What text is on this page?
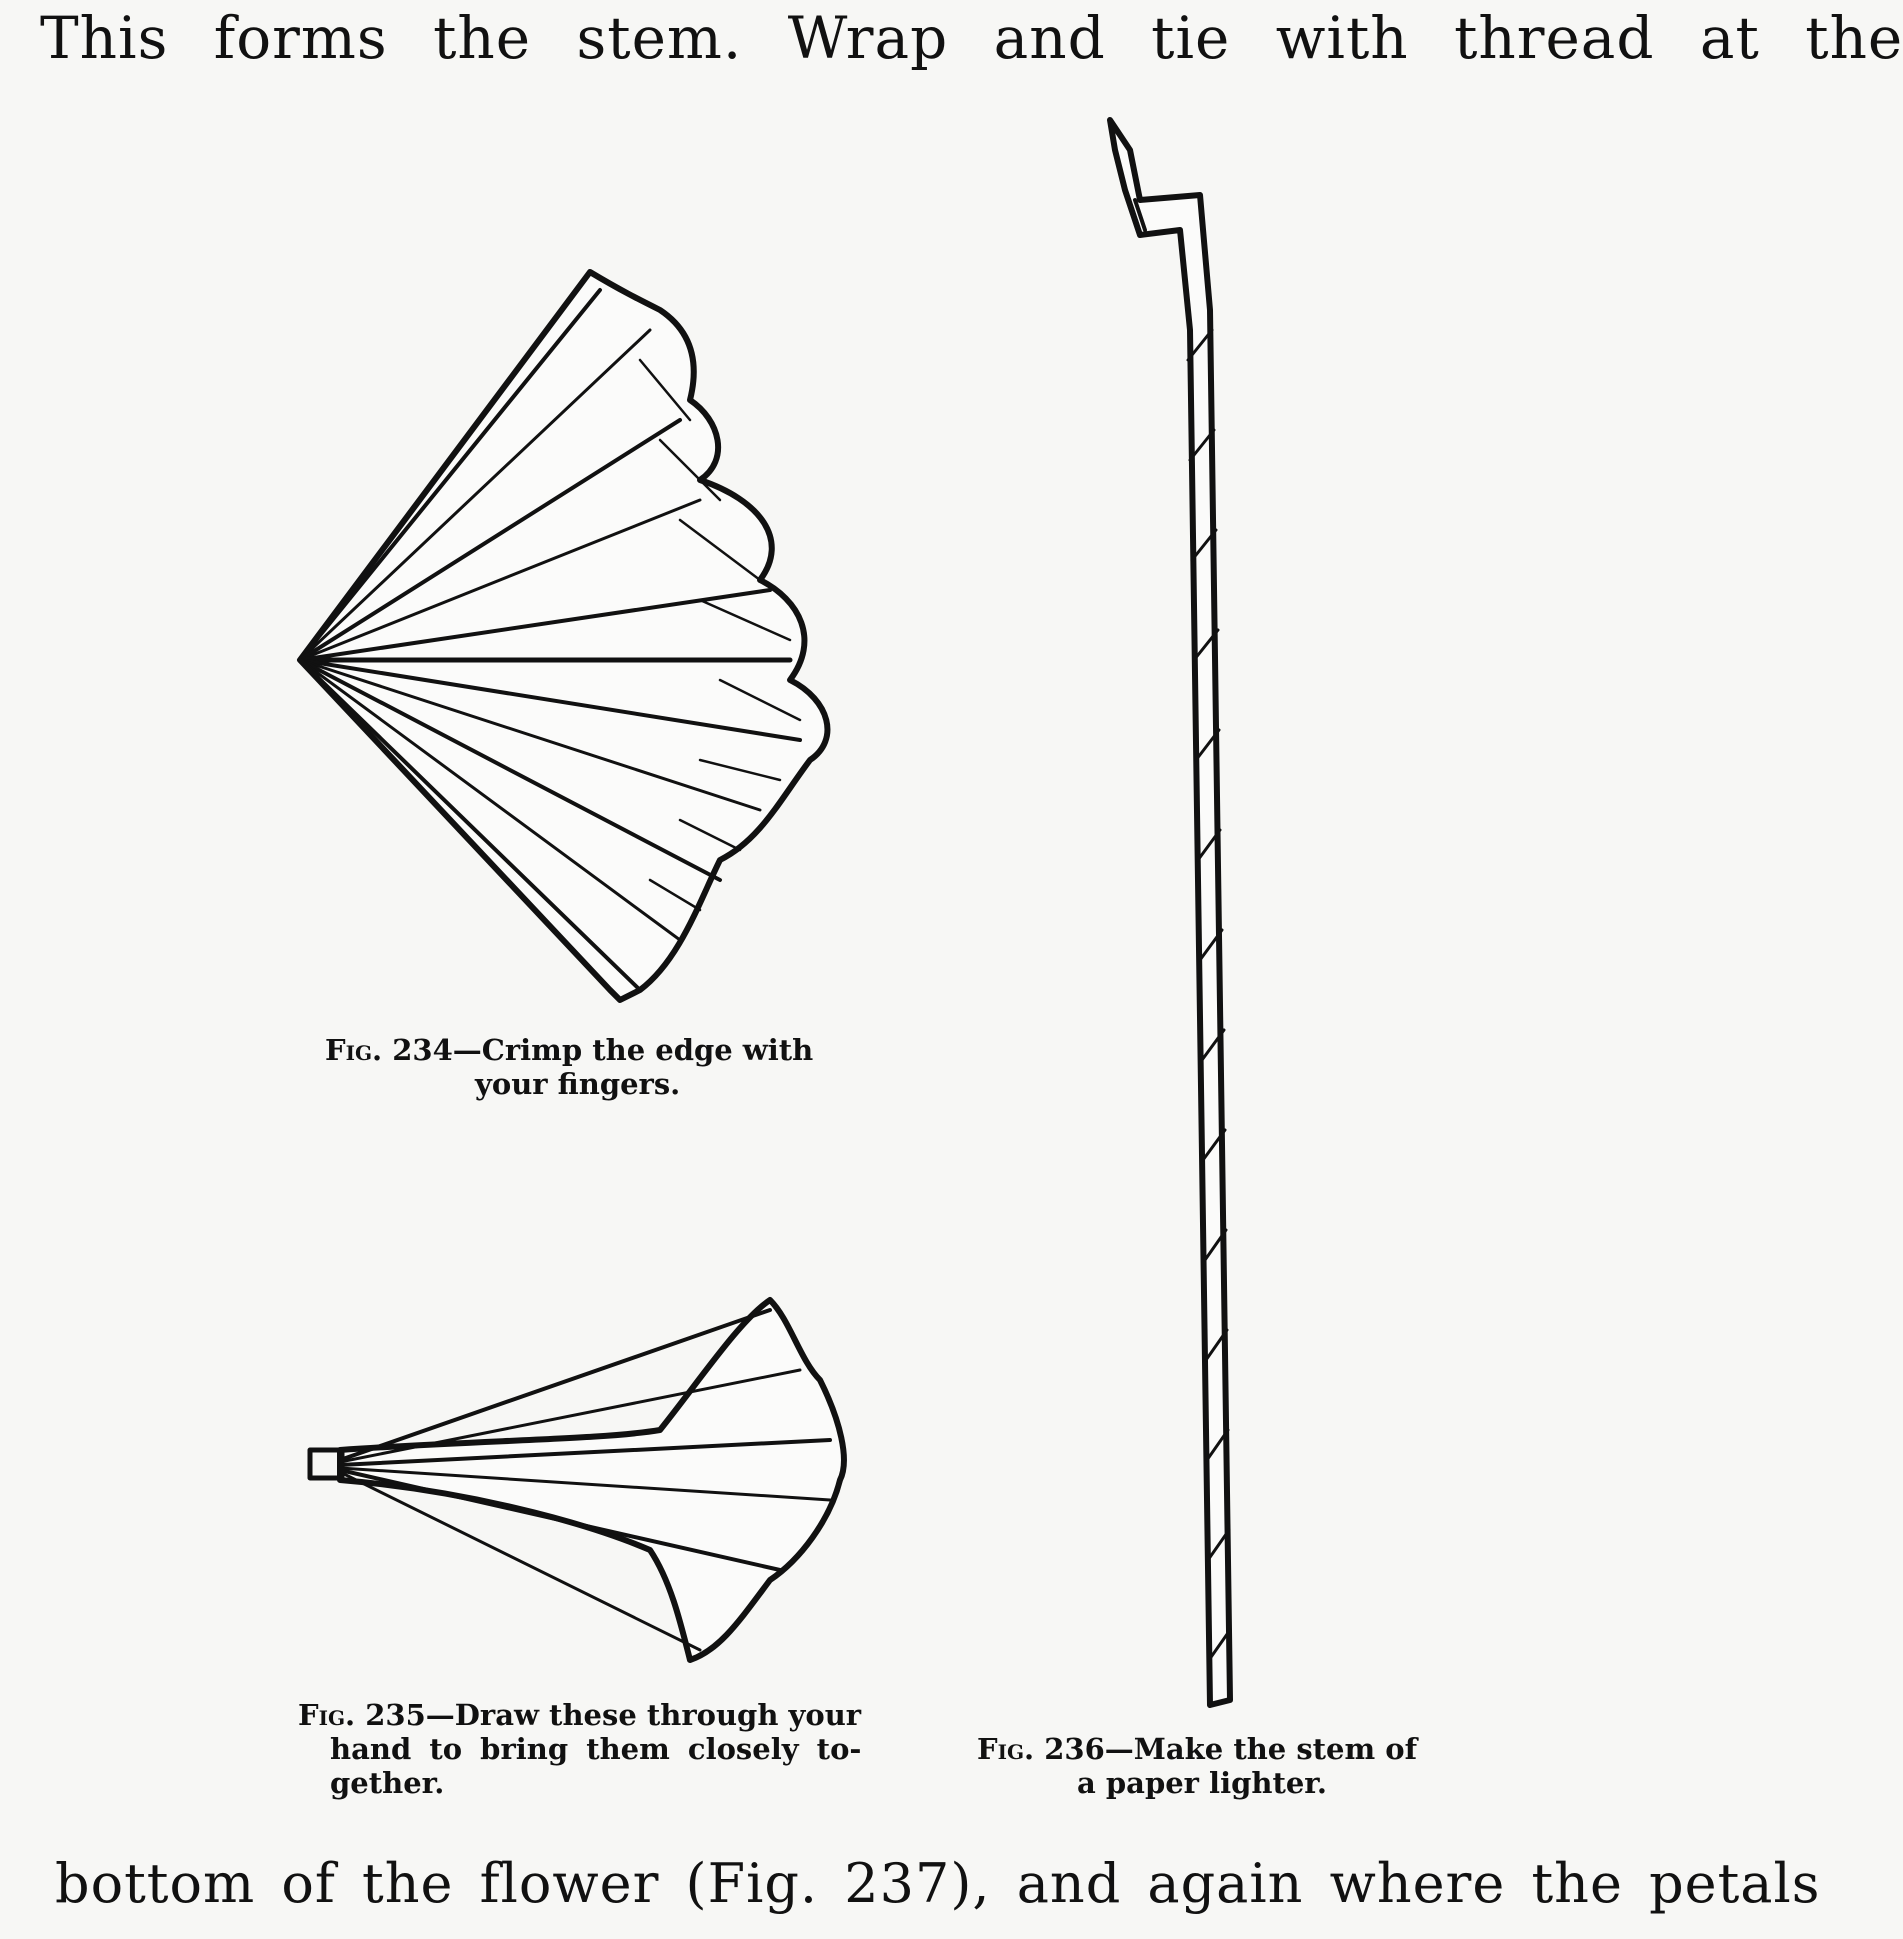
This forms the stem. Wrap and tie with thread at the
Fig. 234—Crimp the edge with
your fingers.
Fig. 235—Draw these through your
hand to bring them closely to-
gether.
Fig. 236—Make the stem of
a paper lighter.
bottom of the flower (Fig. 237), and again where the petals
